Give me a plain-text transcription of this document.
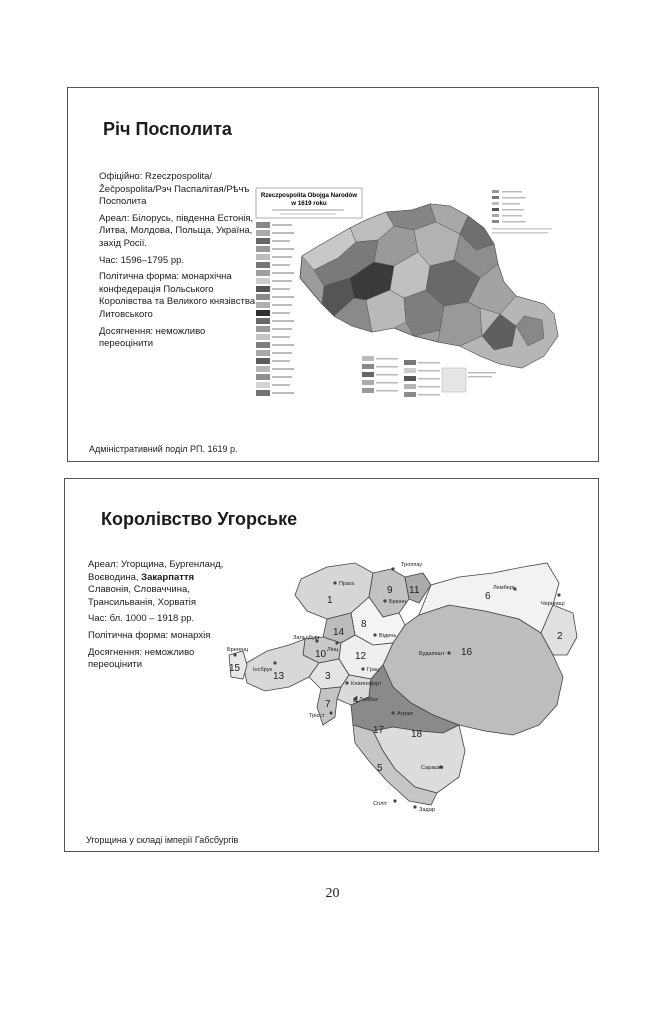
Річ Посполита

Офіційно: Rzeczpospolita/Žečpospolita/Рэч Паспалітая/Рѣчъ Посполита

Ареал: Білорусь, південна Естонія, Литва, Молдова, Польща, Україна, захід Росії.

Час: 1596–1795 рр.

Політична форма: монархічна конфедерація Польського Королівства та Великого князівства Литовського

Досягнення: неможливо переоцінити

Rzeczpospolita Obojga Narodów
w 1619 roku
Адміністративний поділ РП. 1619 р.
Королівство Угорське

Ареал: Угорщина, Бургенланд, Воєводина, Закарпаття Славонія, Словаччина, Трансильванія, Хорватія

Час: бл. 1000 – 1918 рр.

Політична форма: монархія

Досягнення: неможливо переоцінити

Прага
Троппау
Брюнн
Відень
Лемберг
Черновці
Будапешт
Брегенц
Зальцбург
Лінц
Інсбрук	Грац
Клагенфурт
Лайбах
Трієст	Аграм
Сараєво
Спліт
Задар
1
2
3
4
5
6
7
8
9
10
11
12
13
14
15
16
17	18
Угорщина у складі імперії Габсбургів
20
